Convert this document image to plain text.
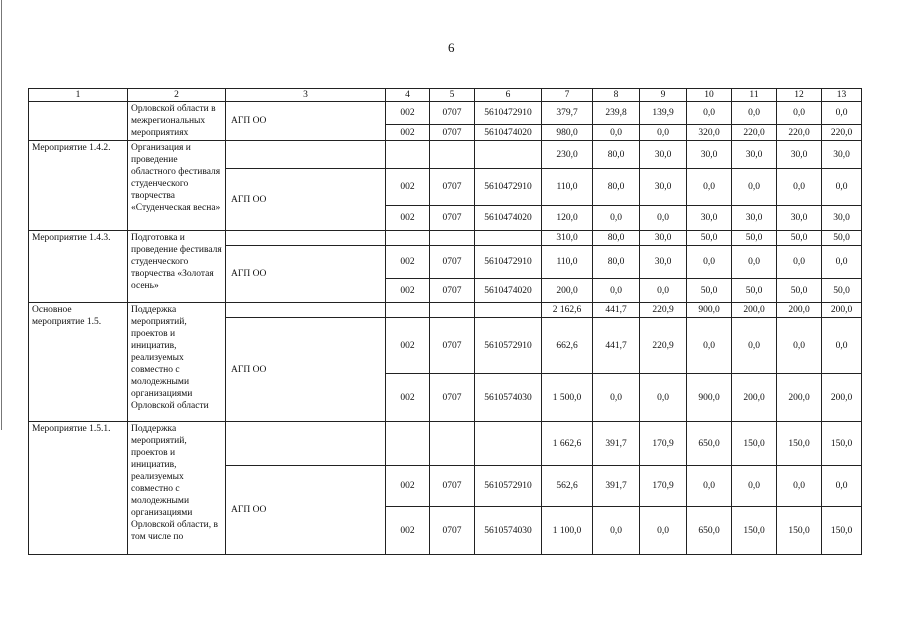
6
1	2	3	4	5	6	7	8	9	10	11	12	13
	Орловской области в межрегиональных мероприятиях	АГП ОО	002	0707	5610472910	379,7	239,8	139,9	0,0	0,0	0,0	0,0
			002	0707	5610474020	980,0	0,0	0,0	320,0	220,0	220,0	220,0
Мероприятие 1.4.2.	Организация и проведение областного фестиваля студенческого творчества «Студенческая весна»					230,0	80,0	30,0	30,0	30,0	30,0	30,0
		АГП ОО	002	0707	5610472910	110,0	80,0	30,0	0,0	0,0	0,0	0,0
			002	0707	5610474020	120,0	0,0	0,0	30,0	30,0	30,0	30,0
Мероприятие 1.4.3.	Подготовка и проведение фестиваля студенческого творчества «Золотая осень»					310,0	80,0	30,0	50,0	50,0	50,0	50,0
		АГП ОО	002	0707	5610472910	110,0	80,0	30,0	0,0	0,0	0,0	0,0
			002	0707	5610474020	200,0	0,0	0,0	50,0	50,0	50,0	50,0
Основное мероприятие 1.5.	Поддержка мероприятий, проектов и инициатив, реализуемых совместно с молодежными организациями Орловской области					2 162,6	441,7	220,9	900,0	200,0	200,0	200,0
		АГП ОО	002	0707	5610572910	662,6	441,7	220,9	0,0	0,0	0,0	0,0
			002	0707	5610574030	1 500,0	0,0	0,0	900,0	200,0	200,0	200,0
Мероприятие 1.5.1.	Поддержка мероприятий, проектов и инициатив, реализуемых совместно с молодежными организациями Орловской области, в том числе по					1 662,6	391,7	170,9	650,0	150,0	150,0	150,0
		АГП ОО	002	0707	5610572910	562,6	391,7	170,9	0,0	0,0	0,0	0,0
			002	0707	5610574030	1 100,0	0,0	0,0	650,0	150,0	150,0	150,0
